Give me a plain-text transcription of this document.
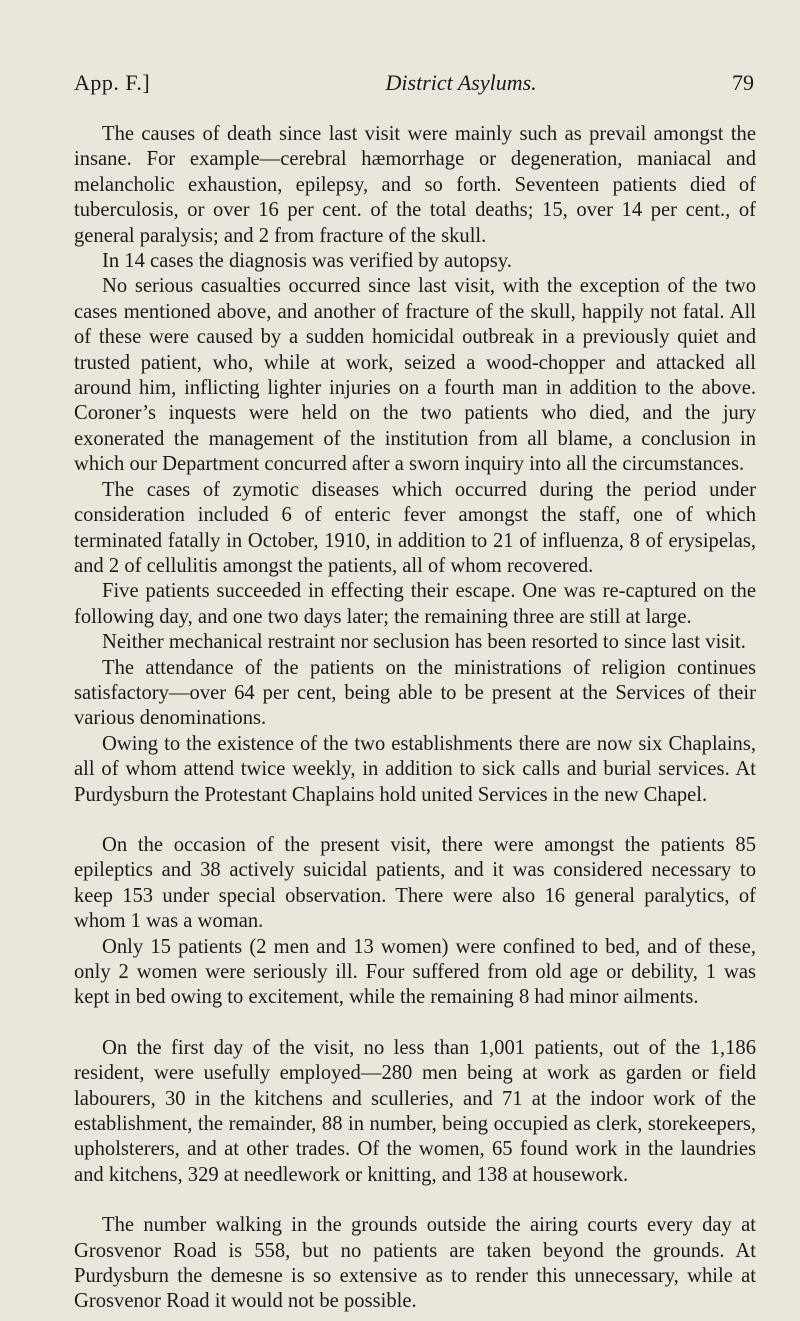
App. F.]	District Asylums.	79

The causes of death since last visit were mainly such as prevail amongst the insane. For example—cerebral hæmorrhage or degeneration, maniacal and melancholic exhaustion, epilepsy, and so forth. Seventeen patients died of tuberculosis, or over 16 per cent. of the total deaths; 15, over 14 per cent., of general paralysis; and 2 from fracture of the skull.

In 14 cases the diagnosis was verified by autopsy.

No serious casualties occurred since last visit, with the exception of the two cases mentioned above, and another of fracture of the skull, happily not fatal. All of these were caused by a sudden homicidal outbreak in a previously quiet and trusted patient, who, while at work, seized a wood-chopper and attacked all around him, inflicting lighter injuries on a fourth man in addition to the above. Coroner’s inquests were held on the two patients who died, and the jury exonerated the management of the institution from all blame, a conclusion in which our Department concurred after a sworn inquiry into all the circumstances.

The cases of zymotic diseases which occurred during the period under consideration included 6 of enteric fever amongst the staff, one of which terminated fatally in October, 1910, in addition to 21 of influenza, 8 of erysipelas, and 2 of cellulitis amongst the patients, all of whom recovered.

Five patients succeeded in effecting their escape. One was re-captured on the following day, and one two days later; the remaining three are still at large.

Neither mechanical restraint nor seclusion has been resorted to since last visit.

The attendance of the patients on the ministrations of religion continues satisfactory—over 64 per cent, being able to be present at the Services of their various denominations.

Owing to the existence of the two establishments there are now six Chaplains, all of whom attend twice weekly, in addition to sick calls and burial services. At Purdysburn the Protestant Chaplains hold united Services in the new Chapel.

On the occasion of the present visit, there were amongst the patients 85 epileptics and 38 actively suicidal patients, and it was considered necessary to keep 153 under special observation. There were also 16 general paralytics, of whom 1 was a woman.

Only 15 patients (2 men and 13 women) were confined to bed, and of these, only 2 women were seriously ill. Four suffered from old age or debility, 1 was kept in bed owing to excitement, while the remaining 8 had minor ailments.

On the first day of the visit, no less than 1,001 patients, out of the 1,186 resident, were usefully employed—280 men being at work as garden or field labourers, 30 in the kitchens and sculleries, and 71 at the indoor work of the establishment, the remainder, 88 in number, being occupied as clerk, storekeepers, upholsterers, and at other trades. Of the women, 65 found work in the laundries and kitchens, 329 at needlework or knitting, and 138 at housework.

The number walking in the grounds outside the airing courts every day at Grosvenor Road is 558, but no patients are taken beyond the grounds. At Purdysburn the demesne is so extensive as to render this unnecessary, while at Grosvenor Road it would not be possible.
